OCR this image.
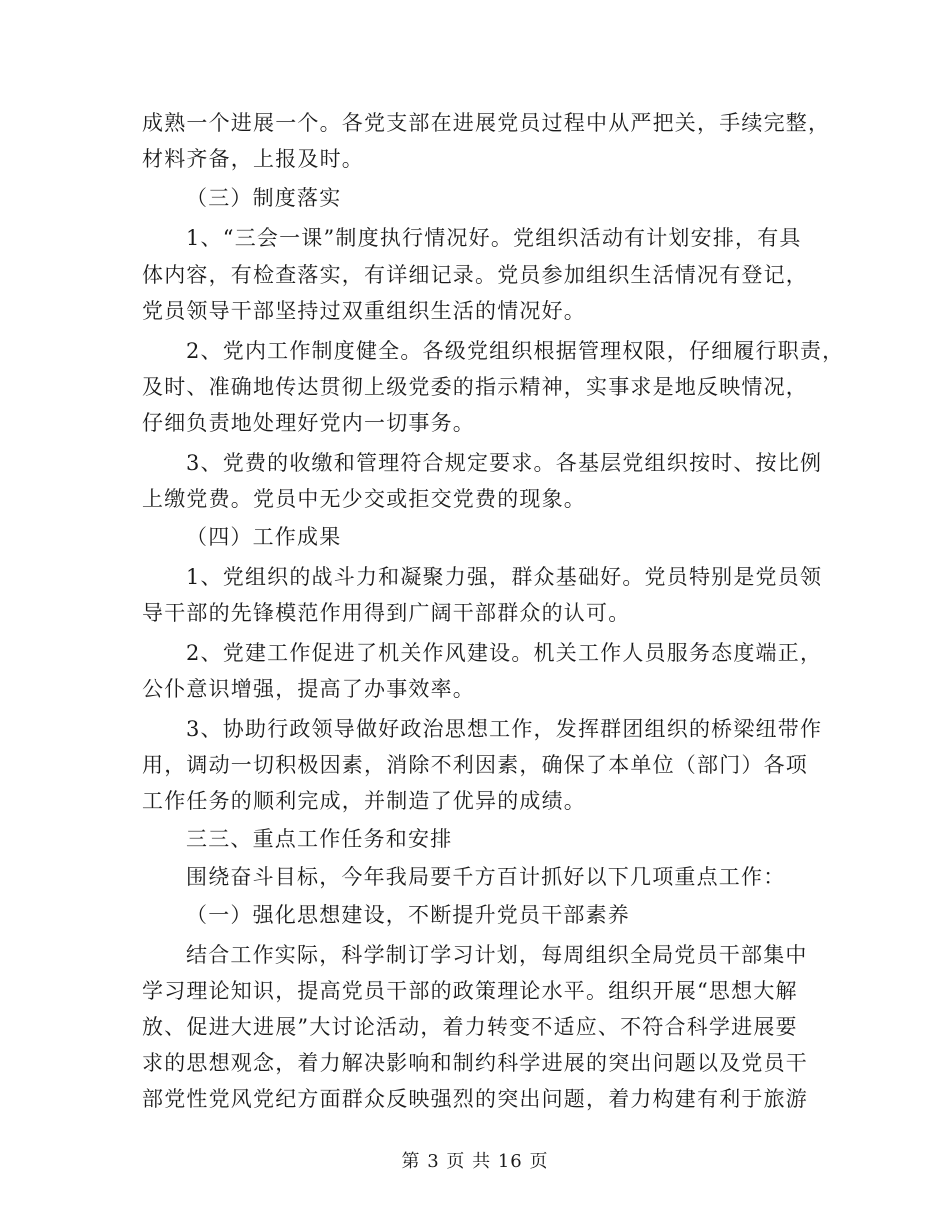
成熟一个进展一个。各党支部在进展党员过程中从严把关，手续完整，
材料齐备，上报及时。
（三）制度落实
1、“三会一课”制度执行情况好。党组织活动有计划安排，有具
体内容，有检查落实，有详细记录。党员参加组织生活情况有登记，
党员领导干部坚持过双重组织生活的情况好。
2、党内工作制度健全。各级党组织根据管理权限，仔细履行职责，
及时、准确地传达贯彻上级党委的指示精神，实事求是地反映情况，
仔细负责地处理好党内一切事务。
3、党费的收缴和管理符合规定要求。各基层党组织按时、按比例
上缴党费。党员中无少交或拒交党费的现象。
（四）工作成果
1、党组织的战斗力和凝聚力强，群众基础好。党员特别是党员领
导干部的先锋模范作用得到广阔干部群众的认可。
2、党建工作促进了机关作风建设。机关工作人员服务态度端正，
公仆意识增强，提高了办事效率。
3、协助行政领导做好政治思想工作，发挥群团组织的桥梁纽带作
用，调动一切积极因素，消除不利因素，确保了本单位（部门）各项
工作任务的顺利完成，并制造了优异的成绩。
三三、重点工作任务和安排
围绕奋斗目标，今年我局要千方百计抓好以下几项重点工作：
（一）强化思想建设，不断提升党员干部素养
结合工作实际，科学制订学习计划，每周组织全局党员干部集中
学习理论知识，提高党员干部的政策理论水平。组织开展“思想大解
放、促进大进展”大讨论活动，着力转变不适应、不符合科学进展要
求的思想观念，着力解决影响和制约科学进展的突出问题以及党员干
部党性党风党纪方面群众反映强烈的突出问题，着力构建有利于旅游
第 3 页 共 16 页
